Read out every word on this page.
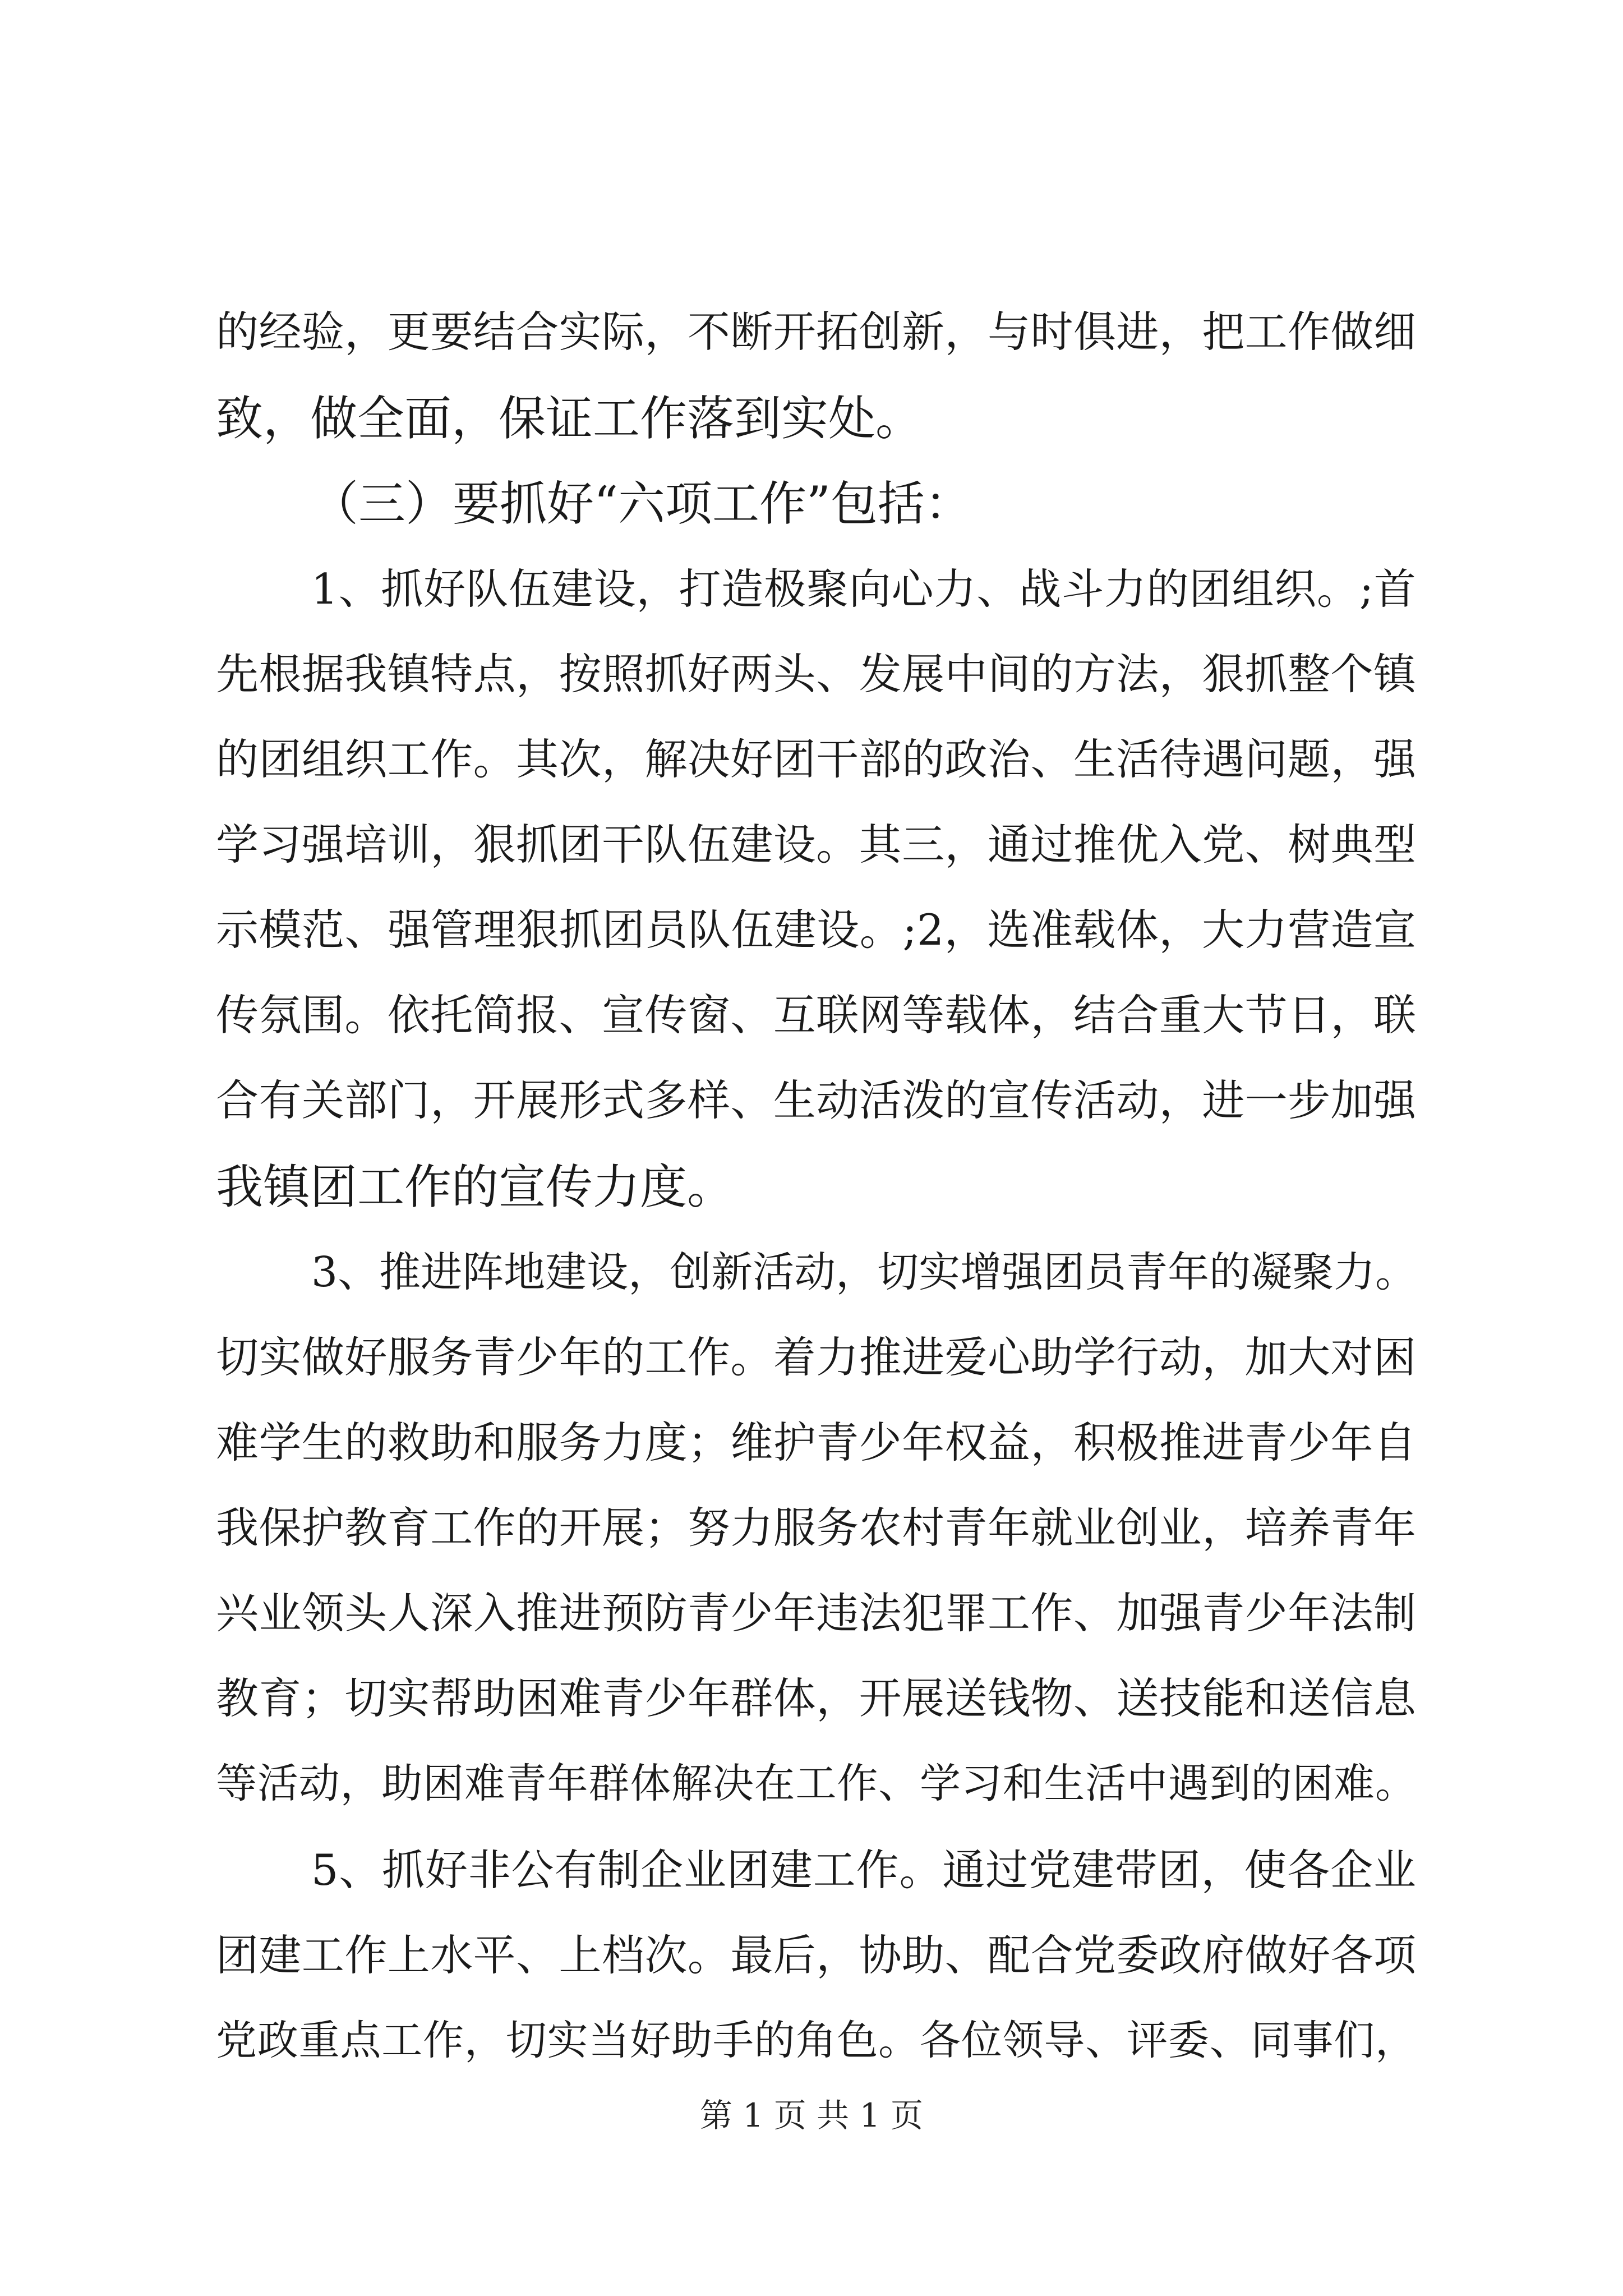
的经验，更要结合实际，不断开拓创新，与时俱进，把工作做细
致，做全面，保证工作落到实处。
（三）要抓好“六项工作”包括：
1、抓好队伍建设，打造极聚向心力、战斗力的团组织。;首
先根据我镇特点，按照抓好两头、发展中间的方法，狠抓整个镇
的团组织工作。其次，解决好团干部的政治、生活待遇问题，强
学习强培训，狠抓团干队伍建设。其三，通过推优入党、树典型
示模范、强管理狠抓团员队伍建设。;2，选准载体，大力营造宣
传氛围。依托简报、宣传窗、互联网等载体，结合重大节日，联
合有关部门，开展形式多样、生动活泼的宣传活动，进一步加强
我镇团工作的宣传力度。
3、推进阵地建设，创新活动，切实增强团员青年的凝聚力。
切实做好服务青少年的工作。着力推进爱心助学行动，加大对困
难学生的救助和服务力度；维护青少年权益，积极推进青少年自
我保护教育工作的开展；努力服务农村青年就业创业，培养青年
兴业领头人深入推进预防青少年违法犯罪工作、加强青少年法制
教育；切实帮助困难青少年群体，开展送钱物、送技能和送信息
等活动，助困难青年群体解决在工作、学习和生活中遇到的困难。
5、抓好非公有制企业团建工作。通过党建带团，使各企业
团建工作上水平、上档次。最后，协助、配合党委政府做好各项
党政重点工作，切实当好助手的角色。各位领导、评委、同事们，
第 1 页 共 1 页
